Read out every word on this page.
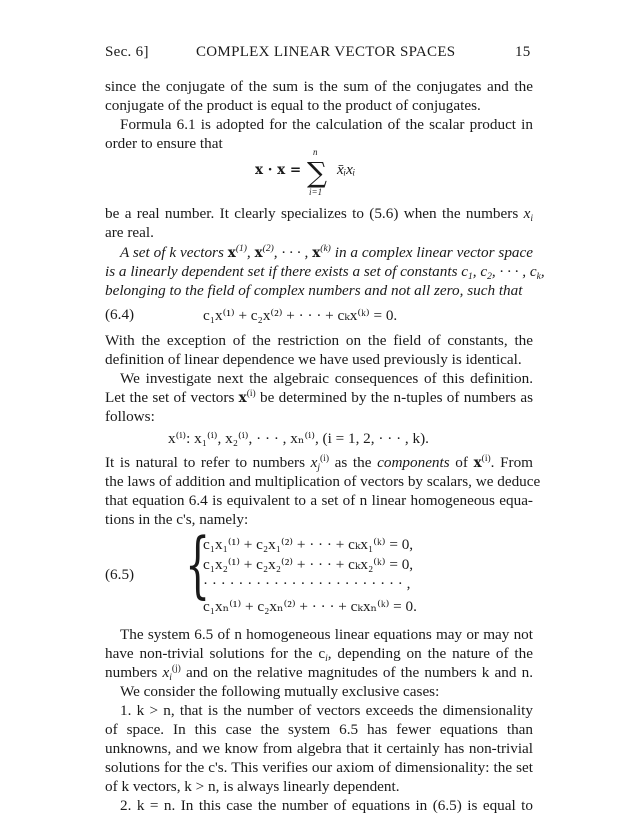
Sec. 6]	COMPLEX LINEAR VECTOR SPACES	15
since the conjugate of the sum is the sum of the conjugates and the
conjugate of the product is equal to the product of conjugates.
Formula 6.1 is adopted for the calculation of the scalar product in
order to ensure that
x · x =
n
∑
i=1
x̄ᵢxᵢ
be a real number. It clearly specializes to (5.6) when the numbers $x_i$
are real.
A set of k vectors $x^{(1)}$, $x^{(2)}$, · · · , $x^{(k)}$ in a complex linear vector space
is a linearly dependent set if there exists a set of constants $c_1$, $c_2$, · · · , $c_k$,
belonging to the field of complex numbers and not all zero, such that
(6.4)	c₁x⁽¹⁾ + c₂x⁽²⁾ + · · · + cₖx⁽ᵏ⁾ = 0.
With the exception of the restriction on the field of constants, the
definition of linear dependence we have used previously is identical.
We investigate next the algebraic consequences of this definition.
Let the set of vectors $x^{(i)}$ be determined by the n-tuples of numbers as
follows:
x⁽ⁱ⁾: x₁⁽ⁱ⁾, x₂⁽ⁱ⁾, · · · , xₙ⁽ⁱ⁾, (i = 1, 2, · · · , k).
It is natural to refer to numbers $x_j^{(i)}$ as the components of $x^{(i)}$. From
the laws of addition and multiplication of vectors by scalars, we deduce
that equation 6.4 is equivalent to a set of n linear homogeneous equa-
tions in the c's, namely:
(6.5) {
c₁x₁⁽¹⁾ + c₂x₁⁽²⁾ + · · · + cₖx₁⁽ᵏ⁾ = 0,
c₁x₂⁽¹⁾ + c₂x₂⁽²⁾ + · · · + cₖx₂⁽ᵏ⁾ = 0,
· · · · · · · · · · · · · · · · · · · · · · · ,
c₁xₙ⁽¹⁾ + c₂xₙ⁽²⁾ + · · · + cₖxₙ⁽ᵏ⁾ = 0.
The system 6.5 of n homogeneous linear equations may or may not
have non-trivial solutions for the $c_i$, depending on the nature of the
numbers $x_i^{(j)}$ and on the relative magnitudes of the numbers k and n.
We consider the following mutually exclusive cases:
1. k > n, that is the number of vectors exceeds the dimensionality
of space. In this case the system 6.5 has fewer equations than
unknowns, and we know from algebra that it certainly has non-trivial
solutions for the c's. This verifies our axiom of dimensionality: the set
of k vectors, k > n, is always linearly dependent.
2. k = n. In this case the number of equations in (6.5) is equal to
